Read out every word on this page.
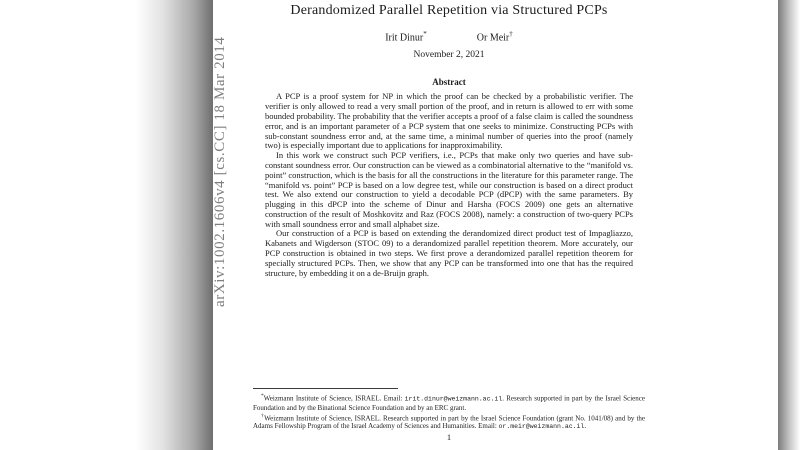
arXiv:1002.1606v4 [cs.CC] 18 Mar 2014
Derandomized Parallel Repetition via Structured PCPs
Irit Dinur*	Or Meir†
November 2, 2021
Abstract

A PCP is a proof system for NP in which the proof can be checked by a probabilistic verifier. The verifier is only allowed to read a very small portion of the proof, and in return is allowed to err with some bounded probability. The probability that the verifier accepts a proof of a false claim is called the soundness error, and is an important parameter of a PCP system that one seeks to minimize. Constructing PCPs with sub-constant soundness error and, at the same time, a minimal number of queries into the proof (namely two) is especially important due to applications for inapproximability.

In this work we construct such PCP verifiers, i.e., PCPs that make only two queries and have sub-constant soundness error. Our construction can be viewed as a combinatorial alternative to the “manifold vs. point” construction, which is the basis for all the constructions in the literature for this parameter range. The “manifold vs. point” PCP is based on a low degree test, while our construction is based on a direct product test. We also extend our construction to yield a decodable PCP (dPCP) with the same parameters. By plugging in this dPCP into the scheme of Dinur and Harsha (FOCS 2009) one gets an alternative construction of the result of Moshkovitz and Raz (FOCS 2008), namely: a construction of two-query PCPs with small soundness error and small alphabet size.

Our construction of a PCP is based on extending the derandomized direct product test of Impagliazzo, Kabanets and Wigderson (STOC 09) to a derandomized parallel repetition theorem. More accurately, our PCP construction is obtained in two steps. We first prove a derandomized parallel repetition theorem for specially structured PCPs. Then, we show that any PCP can be transformed into one that has the required structure, by embedding it on a de-Bruijn graph.

*Weizmann Institute of Science, ISRAEL. Email: irit.dinur@weizmann.ac.il. Research supported in part by the Israel Science Foundation and by the Binational Science Foundation and by an ERC grant.

†Weizmann Institute of Science, ISRAEL. Research supported in part by the Israel Science Foundation (grant No. 1041/08) and by the Adams Fellowship Program of the Israel Academy of Sciences and Humanities. Email: or.meir@weizmann.ac.il.

1
